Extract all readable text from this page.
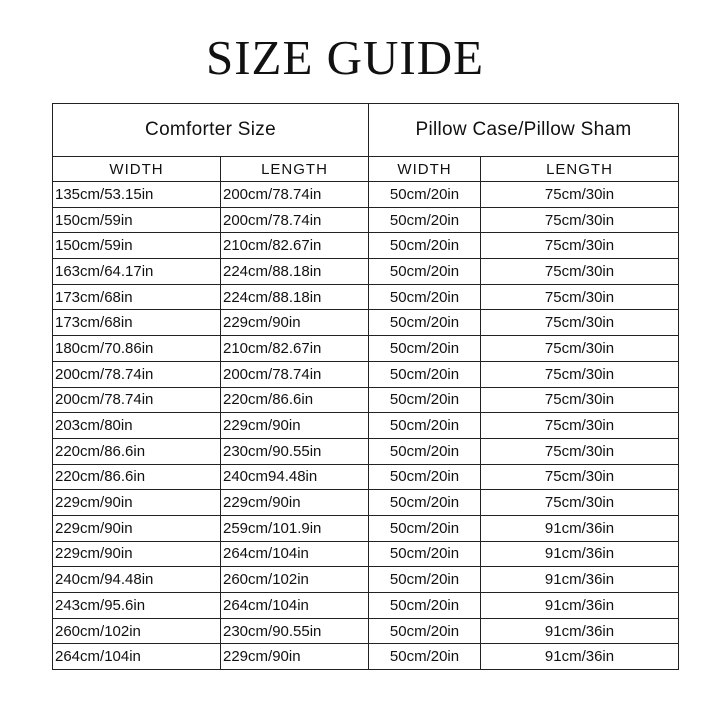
SIZE GUIDE
Comforter Size		Pillow Case/Pillow Sham	
WIDTH	LENGTH	WIDTH	LENGTH
135cm/53.15in	200cm/78.74in	50cm/20in	75cm/30in
150cm/59in	200cm/78.74in	50cm/20in	75cm/30in
150cm/59in	210cm/82.67in	50cm/20in	75cm/30in
163cm/64.17in	224cm/88.18in	50cm/20in	75cm/30in
173cm/68in	224cm/88.18in	50cm/20in	75cm/30in
173cm/68in	229cm/90in	50cm/20in	75cm/30in
180cm/70.86in	210cm/82.67in	50cm/20in	75cm/30in
200cm/78.74in	200cm/78.74in	50cm/20in	75cm/30in
200cm/78.74in	220cm/86.6in	50cm/20in	75cm/30in
203cm/80in	229cm/90in	50cm/20in	75cm/30in
220cm/86.6in	230cm/90.55in	50cm/20in	75cm/30in
220cm/86.6in	240cm94.48in	50cm/20in	75cm/30in
229cm/90in	229cm/90in	50cm/20in	75cm/30in
229cm/90in	259cm/101.9in	50cm/20in	91cm/36in
229cm/90in	264cm/104in	50cm/20in	91cm/36in
240cm/94.48in	260cm/102in	50cm/20in	91cm/36in
243cm/95.6in	264cm/104in	50cm/20in	91cm/36in
260cm/102in	230cm/90.55in	50cm/20in	91cm/36in
264cm/104in	229cm/90in	50cm/20in	91cm/36in
